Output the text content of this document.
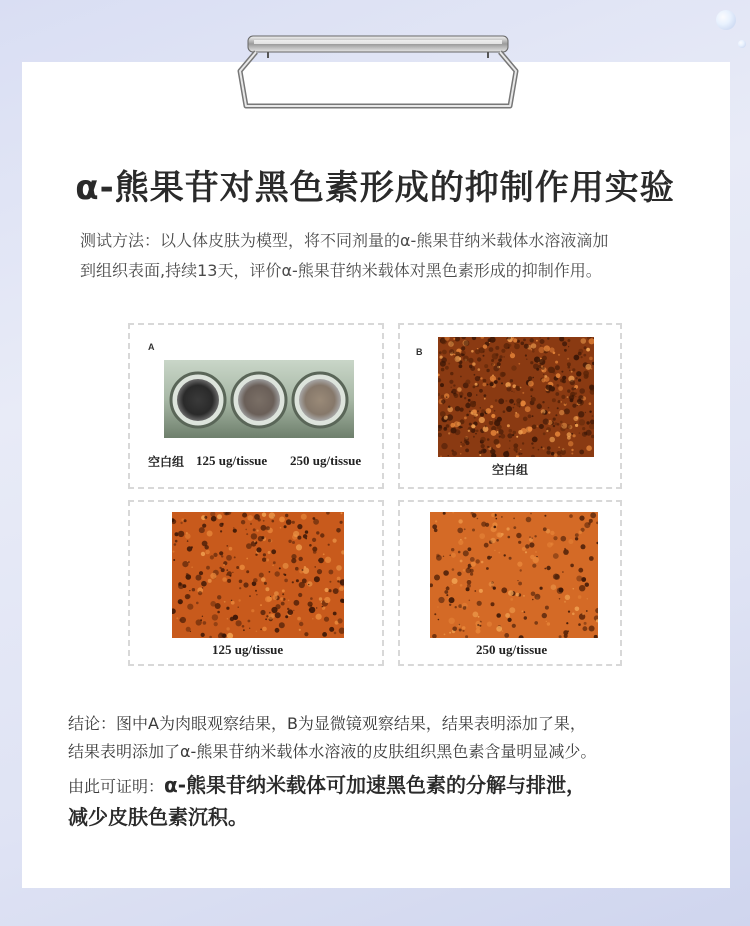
α-熊果苷对黑色素形成的抑制作用实验
测试方法：以人体皮肤为模型，将不同剂量的α-熊果苷纳米载体水溶液滴加
到组织表面,持续13天，评价α-熊果苷纳米载体对黑色素形成的抑制作用。
A
空白组 125 ug/tissue 250 ug/tissue
B
空白组
125 ug/tissue	250 ug/tissue
结论：图中A为肉眼观察结果，B为显微镜观察结果，结果表明添加了果，
结果表明添加了α-熊果苷纳米载体水溶液的皮肤组织黑色素含量明显减少。
由此可证明：α-熊果苷纳米载体可加速黑色素的分解与排泄，
减少皮肤色素沉积。
